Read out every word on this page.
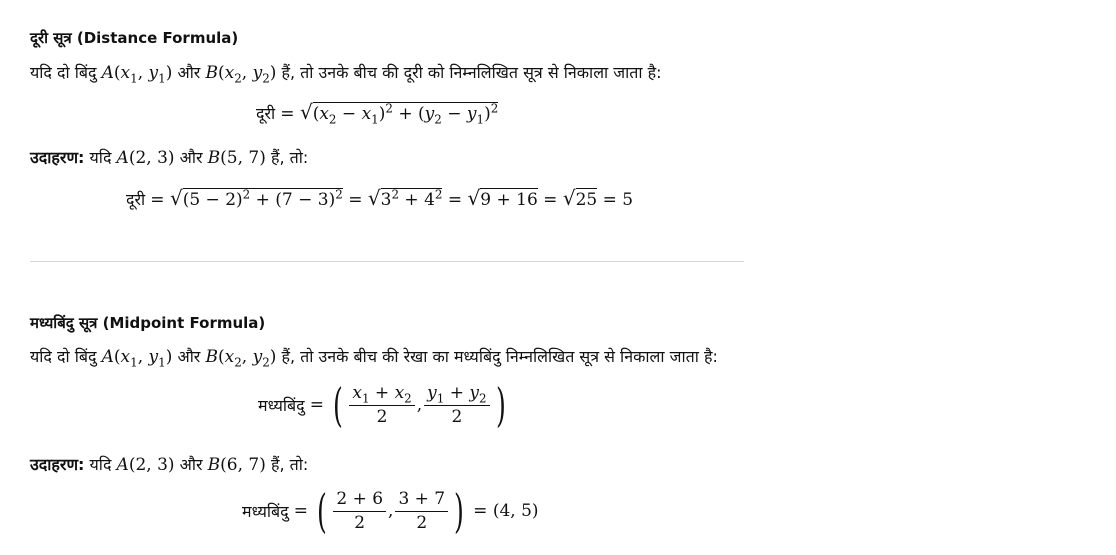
दूरी सूत्र (Distance Formula)
यदि दो बिंदु $A(x_1$, $y_1$) और $B(x_2$, $y_2$) हैं, तो उनके बीच की दूरी को निम्नलिखित सूत्र से निकाला जाता है:
दूरी = $√(x_2 - x_1)^2 + (y_2 - y_1)^2$
उदाहरण: यदि A(2, 3) और B(5, 7) हैं, तो:
दूरी = $√(5 - 2)^2 + (7 - 3)^2 = √3^2 + 4^2 = √9 + 16 = √25 = 5$
मध्यबिंदु सूत्र (Midpoint Formula)
यदि दो बिंदु $A(x_1$, $y_1$) और $B(x_2$, $y_2$) हैं, तो उनके बीच की रेखा का मध्यबिंदु निम्नलिखित सूत्र से निकाला जाता है:
मध्यबिंदु = ( $\frac{x_1 + x_2}{2}$ , $\frac{y_1 + y_2}{2}$ )
उदाहरण: यदि A(2, 3) और B(6, 7) हैं, तो:
मध्यबिंदु = ( $\frac{2 + 6}{2}$ , $\frac{3 + 7}{2}$ ) = (4, 5)
